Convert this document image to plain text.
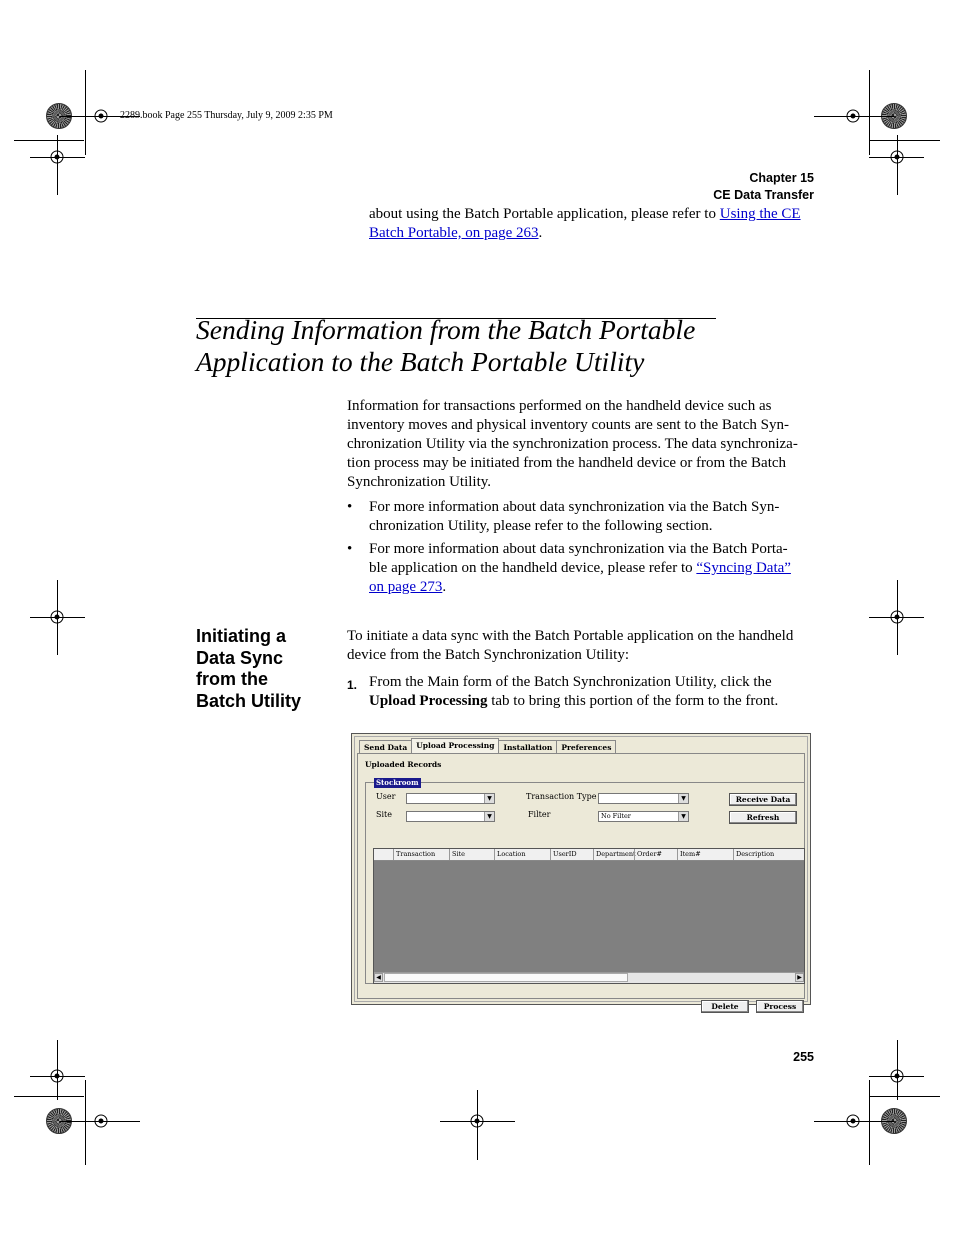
2289.book Page 255 Thursday, July 9, 2009 2:35 PM
Chapter 15
CE Data Transfer
about using the Batch Portable application, please refer to Using the CE
Batch Portable, on page 263.
Sending Information from the Batch Portable
Application to the Batch Portable Utility
Information for transactions performed on the handheld device such as
inventory moves and physical inventory counts are sent to the Batch Syn-
chronization Utility via the synchronization process. The data synchroniza-
tion process may be initiated from the handheld device or from the Batch
Synchronization Utility.
• For more information about data synchronization via the Batch Syn-
chronization Utility, please refer to the following section.
• For more information about data synchronization via the Batch Porta-
ble application on the handheld device, please refer to “Syncing Data”
on page 273.
Initiating a
Data Sync
from the
Batch Utility
To initiate a data sync with the Batch Portable application on the handheld
device from the Batch Synchronization Utility:
1. From the Main form of the Batch Synchronization Utility, click the
Upload Processing tab to bring this portion of the form to the front.
Send Data	Upload Processing	Installation	Preferences
Uploaded Records
Stockroom
User	▼
Site	▼
Transaction Type	▼
Filter	No Filter	▼
Receive Data
Refresh
Transaction	Site	Location	UserID	Department Order#	Item#	Description
◀	▶
Delete	Process
255
